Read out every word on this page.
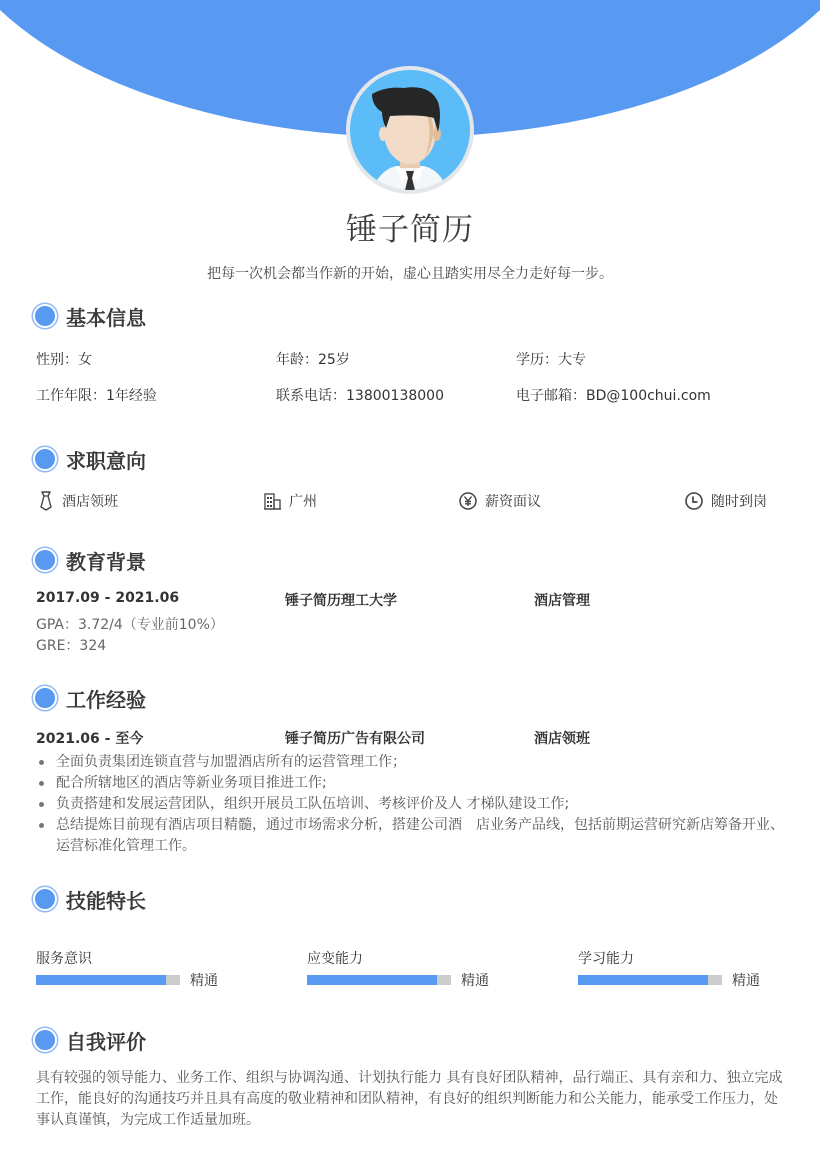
锤子简历
把每一次机会都当作新的开始，虚心且踏实用尽全力走好每一步。
基本信息
性别：女	年龄：25岁	学历：大专
工作年限：1年经验	联系电话：13800138000	电子邮箱：BD@100chui.com
求职意向
酒店领班	广州	薪资面议	随时到岗
教育背景
2017.09 - 2021.06	锤子简历理工大学	酒店管理
GPA：3.72/4（专业前10%）
GRE：324
工作经验
2021.06 - 至今	锤子简历广告有限公司	酒店领班
全面负责集团连锁直营与加盟酒店所有的运营管理工作；
配合所辖地区的酒店等新业务项目推进工作;
负责搭建和发展运营团队，组织开展员工队伍培训、考核评价及人 才梯队建设工作;
总结提炼目前现有酒店项目精髓，通过市场需求分析，搭建公司酒　店业务产品线，包括前期运营研究新店筹备开业、运营标准化管理工作。
技能特长
服务意识
精通
应变能力
精通
学习能力
精通
自我评价
具有较强的领导能力、业务工作、组织与协调沟通、计划执行能力 具有良好团队精神，品行端正、具有亲和力、独立完成工作，能良好的沟通技巧并且具有高度的敬业精神和团队精神，有良好的组织判断能力和公关能力，能承受工作压力，处事认真谨慎，为完成工作适量加班。
